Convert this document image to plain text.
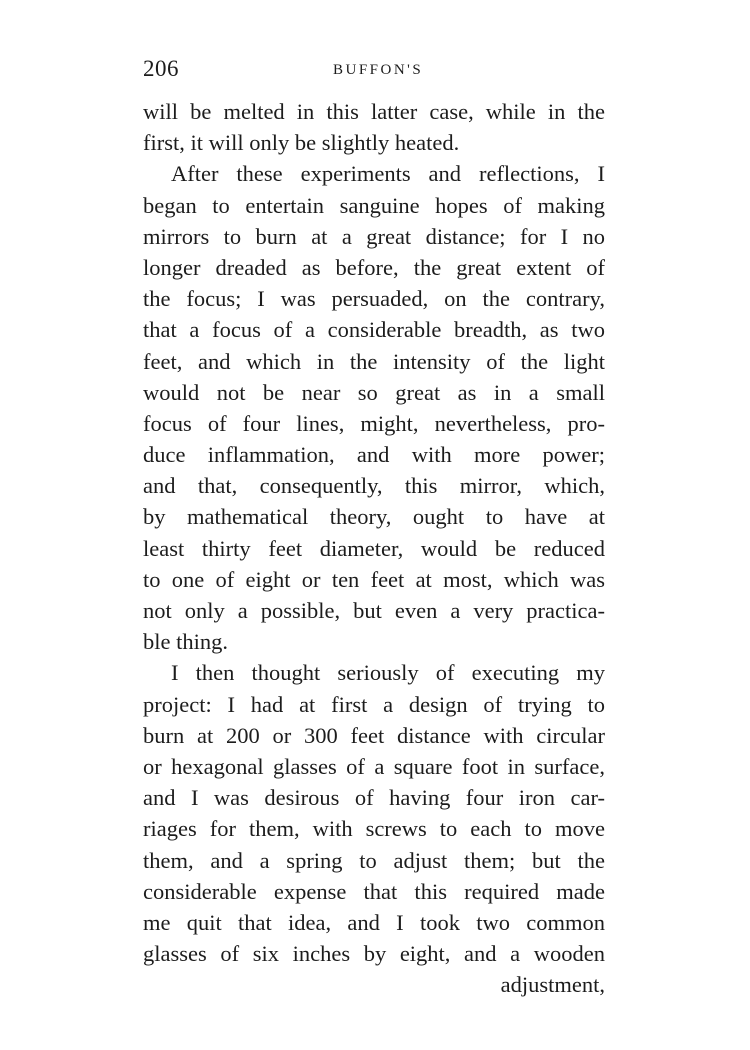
206	BUFFON'S
will be melted in this latter case, while in the
first, it will only be slightly heated.
After these experiments and reflections, I
began to entertain sanguine hopes of making
mirrors to burn at a great distance; for I no
longer dreaded as before, the great extent of
the focus; I was persuaded, on the contrary,
that a focus of a considerable breadth, as two
feet, and which in the intensity of the light
would not be near so great as in a small
focus of four lines, might, nevertheless, pro-
duce inflammation, and with more power;
and that, consequently, this mirror, which,
by mathematical theory, ought to have at
least thirty feet diameter, would be reduced
to one of eight or ten feet at most, which was
not only a possible, but even a very practica-
ble thing.
I then thought seriously of executing my
project: I had at first a design of trying to
burn at 200 or 300 feet distance with circular
or hexagonal glasses of a square foot in surface,
and I was desirous of having four iron car-
riages for them, with screws to each to move
them, and a spring to adjust them; but the
considerable expense that this required made
me quit that idea, and I took two common
glasses of six inches by eight, and a wooden
adjustment,
